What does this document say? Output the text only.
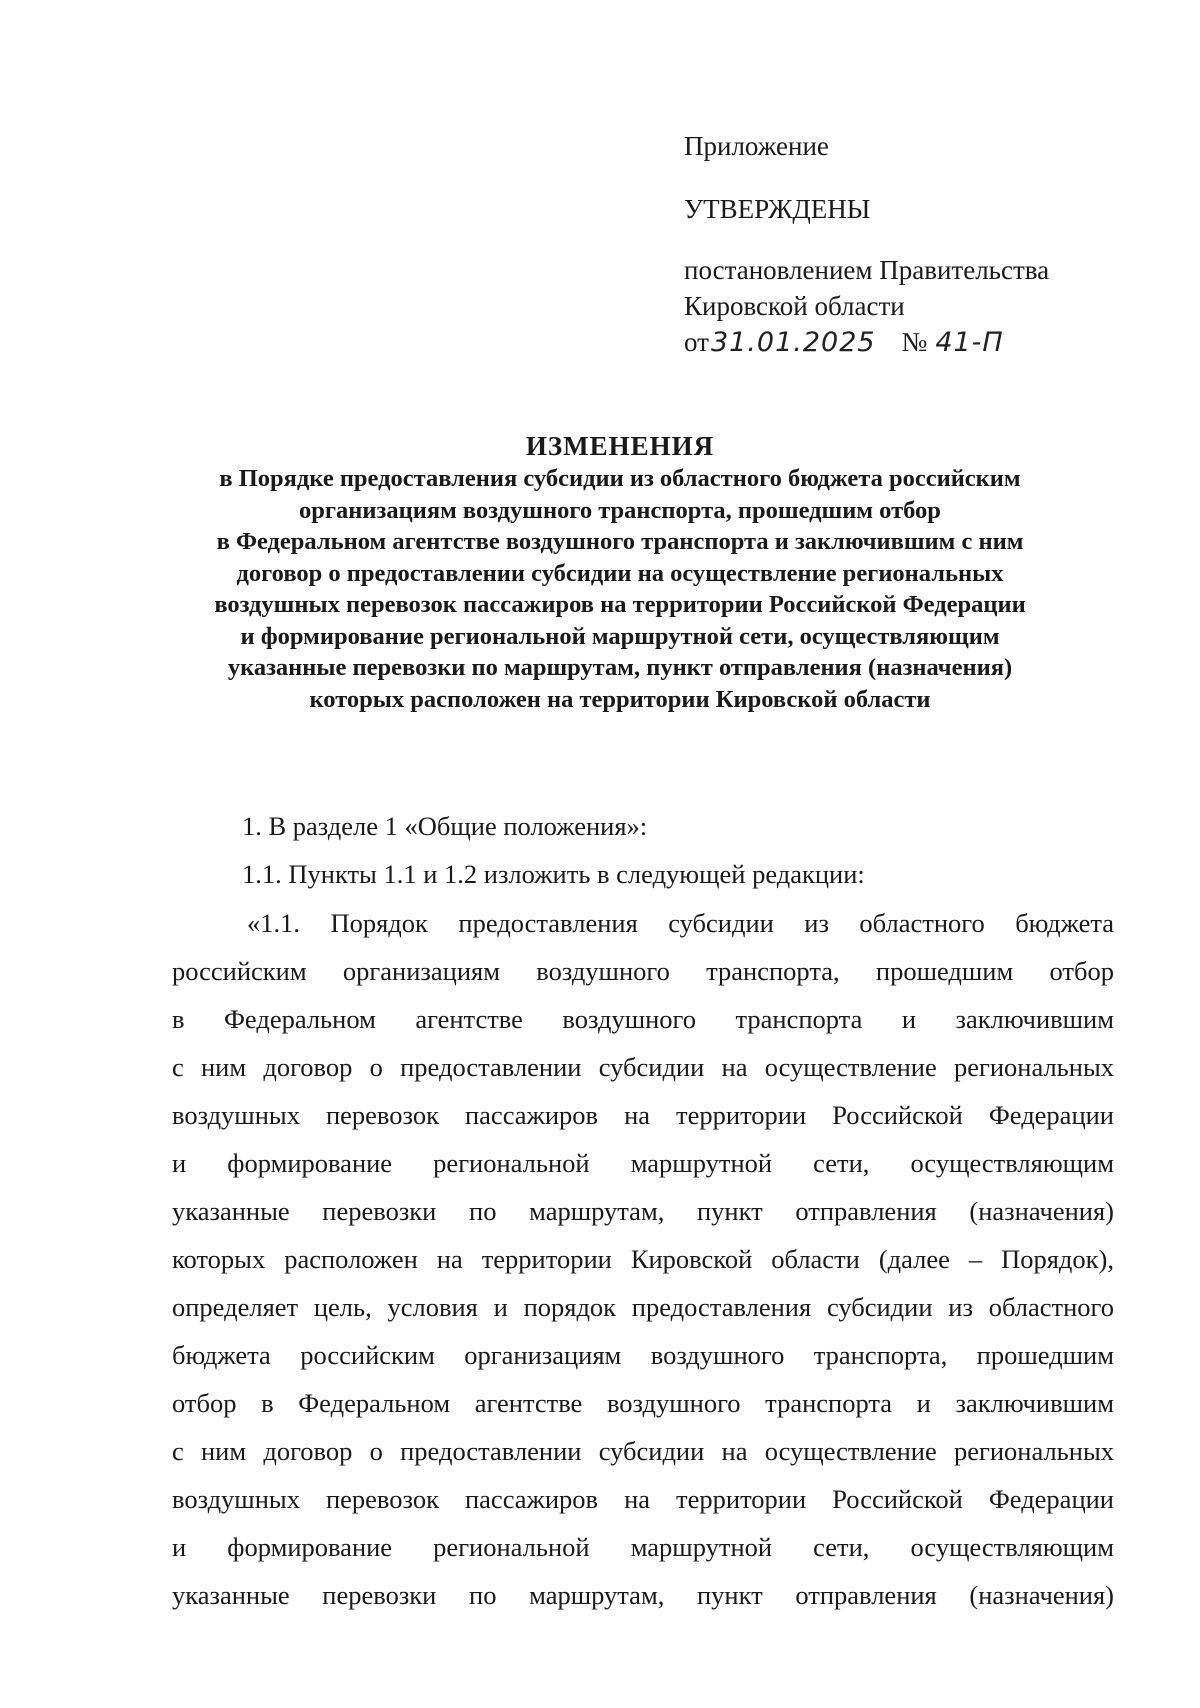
Приложение
УТВЕРЖДЕНЫ
постановлением Правительства
Кировской области
от31.01.2025 № 41-П
ИЗМЕНЕНИЯ
в Порядке предоставления субсидии из областного бюджета российским
организациям воздушного транспорта, прошедшим отбор
в Федеральном агентстве воздушного транспорта и заключившим с ним
договор о предоставлении субсидии на осуществление региональных
воздушных перевозок пассажиров на территории Российской Федерации
и формирование региональной маршрутной сети, осуществляющим
указанные перевозки по маршрутам, пункт отправления (назначения)
которых расположен на территории Кировской области

1. В разделе 1 «Общие положения»:

1.1. Пункты 1.1 и 1.2 изложить в следующей редакции:

«1.1. Порядок предоставления субсидии из областного бюджета
российским организациям воздушного транспорта, прошедшим отбор
в Федеральном агентстве воздушного транспорта и заключившим
с ним договор о предоставлении субсидии на осуществление региональных
воздушных перевозок пассажиров на территории Российской Федерации
и формирование региональной маршрутной сети, осуществляющим
указанные перевозки по маршрутам, пункт отправления (назначения)
которых расположен на территории Кировской области (далее – Порядок),
определяет цель, условия и порядок предоставления субсидии из областного
бюджета российским организациям воздушного транспорта, прошедшим
отбор в Федеральном агентстве воздушного транспорта и заключившим
с ним договор о предоставлении субсидии на осуществление региональных
воздушных перевозок пассажиров на территории Российской Федерации
и формирование региональной маршрутной сети, осуществляющим
указанные перевозки по маршрутам, пункт отправления (назначения)
